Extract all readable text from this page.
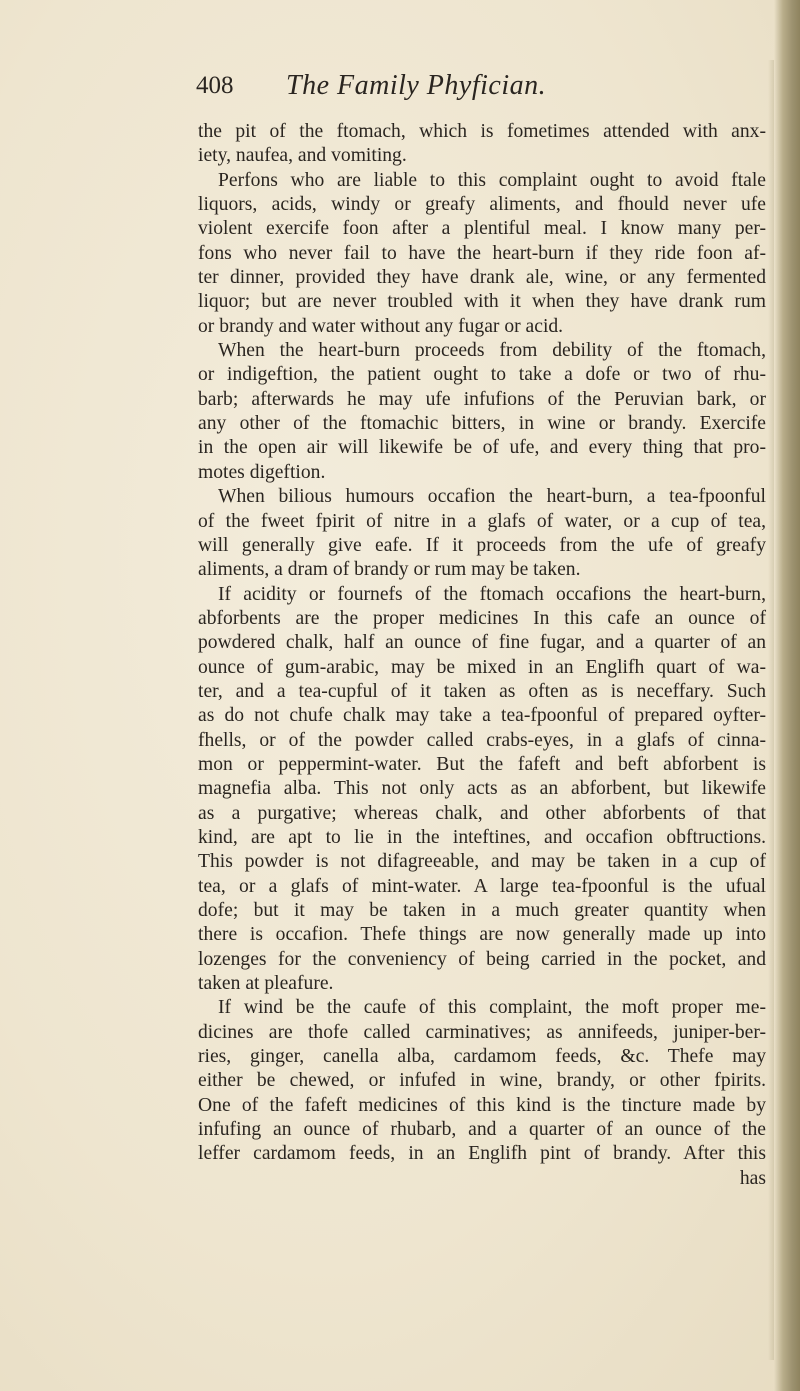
408 The Family Phyfician.
the pit of the ftomach, which is fometimes attended with anx-
iety, naufea, and vomiting.
Perfons who are liable to this complaint ought to avoid ftale
liquors, acids, windy or greafy aliments, and fhould never ufe
violent exercife foon after a plentiful meal. I know many per-
fons who never fail to have the heart-burn if they ride foon af-
ter dinner, provided they have drank ale, wine, or any fermented
liquor; but are never troubled with it when they have drank rum
or brandy and water without any fugar or acid.
When the heart-burn proceeds from debility of the ftomach,
or indigeftion, the patient ought to take a dofe or two of rhu-
barb; afterwards he may ufe infufions of the Peruvian bark, or
any other of the ftomachic bitters, in wine or brandy. Exercife
in the open air will likewife be of ufe, and every thing that pro-
motes digeftion.
When bilious humours occafion the heart-burn, a tea-fpoonful
of the fweet fpirit of nitre in a glafs of water, or a cup of tea,
will generally give eafe. If it proceeds from the ufe of greafy
aliments, a dram of brandy or rum may be taken.
If acidity or fournefs of the ftomach occafions the heart-burn,
abforbents are the proper medicines In this cafe an ounce of
powdered chalk, half an ounce of fine fugar, and a quarter of an
ounce of gum-arabic, may be mixed in an Englifh quart of wa-
ter, and a tea-cupful of it taken as often as is neceffary. Such
as do not chufe chalk may take a tea-fpoonful of prepared oyfter-
fhells, or of the powder called crabs-eyes, in a glafs of cinna-
mon or peppermint-water. But the fafeft and beft abforbent is
magnefia alba. This not only acts as an abforbent, but likewife
as a purgative; whereas chalk, and other abforbents of that
kind, are apt to lie in the inteftines, and occafion obftructions.
This powder is not difagreeable, and may be taken in a cup of
tea, or a glafs of mint-water. A large tea-fpoonful is the ufual
dofe; but it may be taken in a much greater quantity when
there is occafion. Thefe things are now generally made up into
lozenges for the conveniency of being carried in the pocket, and
taken at pleafure.
If wind be the caufe of this complaint, the moft proper me-
dicines are thofe called carminatives; as annifeeds, juniper-ber-
ries, ginger, canella alba, cardamom feeds, &c. Thefe may
either be chewed, or infufed in wine, brandy, or other fpirits.
One of the fafeft medicines of this kind is the tincture made by
infufing an ounce of rhubarb, and a quarter of an ounce of the
leffer cardamom feeds, in an Englifh pint of brandy. After this
has
